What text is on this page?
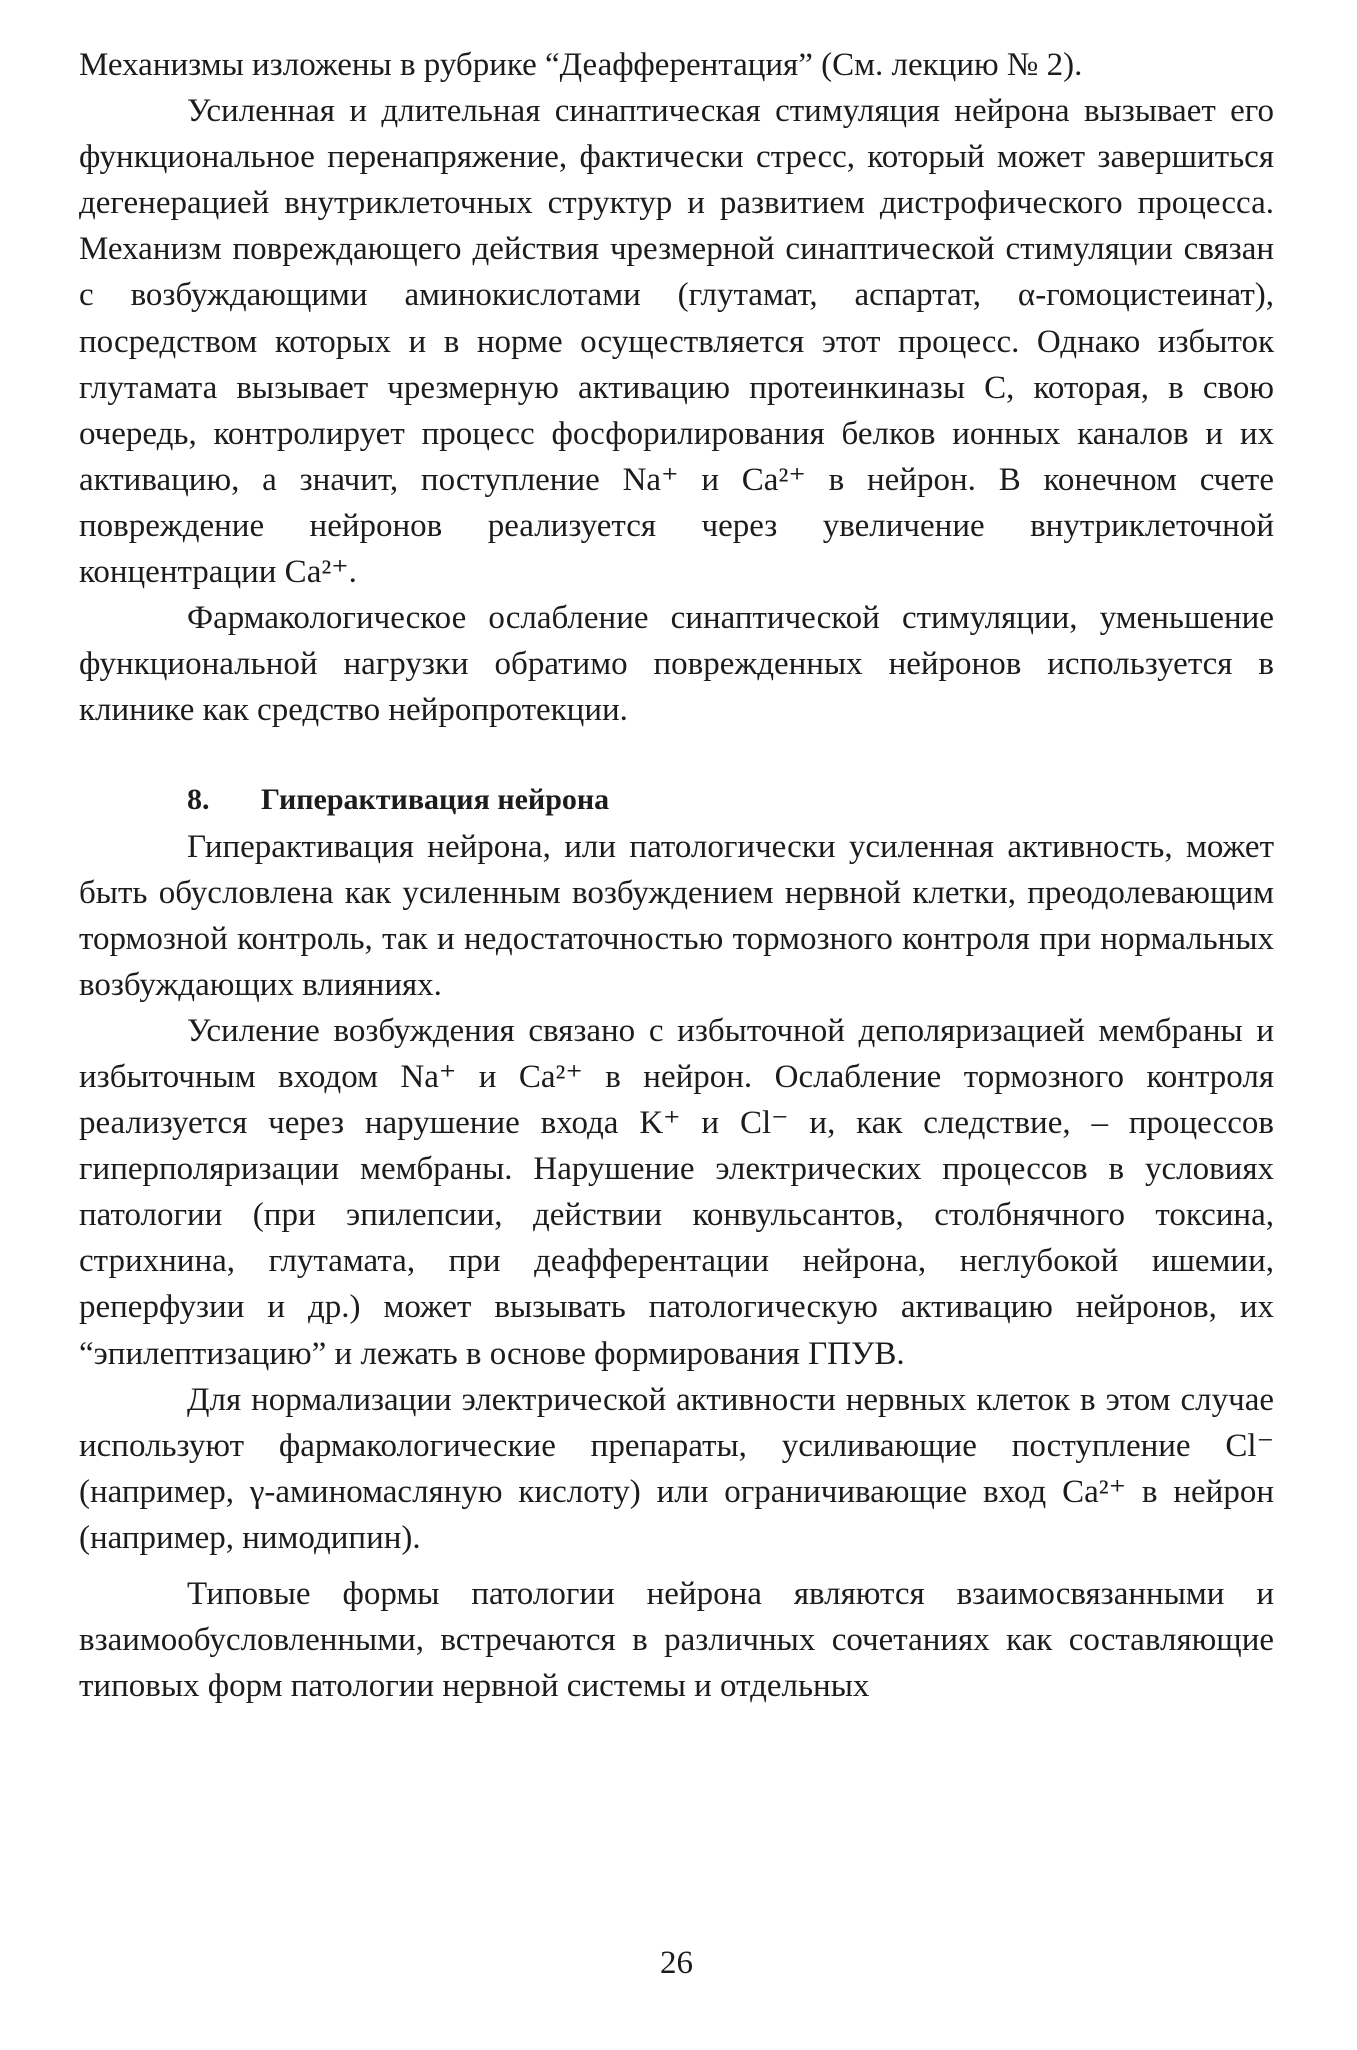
Механизмы изложены в рубрике “Деафферентация” (См. лекцию № 2).

Усиленная и длительная синаптическая стимуляция нейрона вызывает его функциональное перенапряжение, фактически стресс, который может завершиться дегенерацией внутриклеточных структур и развитием дистрофического процесса. Механизм повреждающего действия чрезмерной синаптической стимуляции связан с возбуждающими аминокислотами (глутамат, аспартат, α-гомоцистеинат), посредством которых и в норме осуществляется этот процесс. Однако избыток глутамата вызывает чрезмерную активацию протеинкиназы С, которая, в свою очередь, контролирует процесс фосфорилирования белков ионных каналов и их активацию, а значит, поступление Na⁺ и Ca²⁺ в нейрон. В конечном счете повреждение нейронов реализуется через увеличение внутриклеточной концентрации Ca²⁺.

Фармакологическое ослабление синаптической стимуляции, уменьшение функциональной нагрузки обратимо поврежденных нейронов используется в клинике как средство нейропротекции.

8. Гиперактивация нейрона

Гиперактивация нейрона, или патологически усиленная активность, может быть обусловлена как усиленным возбуждением нервной клетки, преодолевающим тормозной контроль, так и недостаточностью тормозного контроля при нормальных возбуждающих влияниях.

Усиление возбуждения связано с избыточной деполяризацией мембраны и избыточным входом Na⁺ и Ca²⁺ в нейрон. Ослабление тормозного контроля реализуется через нарушение входа K⁺ и Cl⁻ и, как следствие, – процессов гиперполяризации мембраны. Нарушение электрических процессов в условиях патологии (при эпилепсии, действии конвульсантов, столбнячного токсина, стрихнина, глутамата, при деафферентации нейрона, неглубокой ишемии, реперфузии и др.) может вызывать патологическую активацию нейронов, их “эпилептизацию” и лежать в основе формирования ГПУВ.

Для нормализации электрической активности нервных клеток в этом случае используют фармакологические препараты, усиливающие поступление Cl⁻ (например, γ-аминомасляную кислоту) или ограничивающие вход Ca²⁺ в нейрон (например, нимодипин).

Типовые формы патологии нейрона являются взаимосвязанными и взаимообусловленными, встречаются в различных сочетаниях как составляющие типовых форм патологии нервной системы и отдельных

26
